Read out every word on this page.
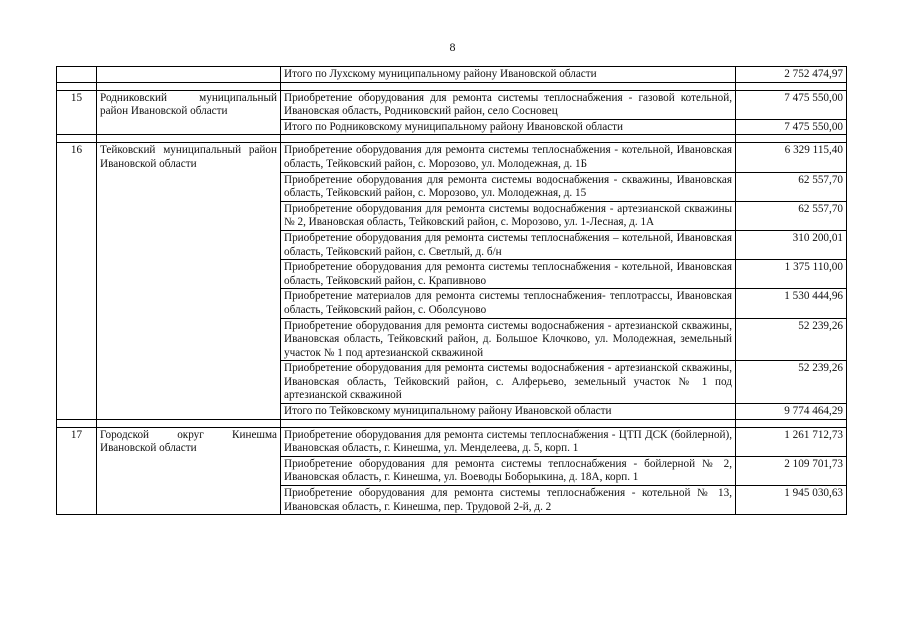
8
		Итого по Лухскому муниципальному району Ивановской области	2 752 474,97

15	Родниковский муниципальный район Ивановской области	Приобретение оборудования для ремонта системы теплоснабжения - газовой котельной, Ивановская область, Родниковский район, село Сосновец	7 475 550,00
		Итого по Родниковскому муниципальному району Ивановской области	7 475 550,00

16	Тейковский муниципальный район Ивановской области	Приобретение оборудования для ремонта системы теплоснабжения - котельной, Ивановская область, Тейковский район, с. Морозово, ул. Молодежная, д. 1Б	6 329 115,40
		Приобретение оборудования для ремонта системы водоснабжения - скважины, Ивановская область, Тейковский район, с. Морозово, ул. Молодежная, д. 15	62 557,70
		Приобретение оборудования для ремонта системы водоснабжения - артезианской скважины № 2, Ивановская область, Тейковский район, с. Морозово, ул. 1-Лесная, д. 1А	62 557,70
		Приобретение оборудования для ремонта системы теплоснабжения – котельной, Ивановская область, Тейковский район, с. Светлый, д. б/н	310 200,01
		Приобретение оборудования для ремонта системы теплоснабжения - котельной, Ивановская область, Тейковский район, с. Крапивново	1 375 110,00
		Приобретение материалов для ремонта системы теплоснабжения- теплотрассы, Ивановская область, Тейковский район, с. Оболсуново	1 530 444,96
		Приобретение оборудования для ремонта системы водоснабжения - артезианской скважины, Ивановская область, Тейковский район, д. Большое Клочково, ул. Молодежная, земельный участок № 1 под артезианской скважиной	52 239,26
		Приобретение оборудования для ремонта системы водоснабжения - артезианской скважины, Ивановская область, Тейковский район, с. Алферьево, земельный участок № 1 под артезианской скважиной	52 239,26
		Итого по Тейковскому муниципальному району Ивановской области	9 774 464,29

17	Городской округ Кинешма Ивановской области	Приобретение оборудования для ремонта системы теплоснабжения - ЦТП ДСК (бойлерной), Ивановская область, г. Кинешма, ул. Менделеева, д. 5, корп. 1	1 261 712,73
		Приобретение оборудования для ремонта системы теплоснабжения - бойлерной № 2, Ивановская область, г. Кинешма, ул. Воеводы Боборыкина, д. 18А, корп. 1	2 109 701,73
		Приобретение оборудования для ремонта системы теплоснабжения - котельной № 13, Ивановская область, г. Кинешма, пер. Трудовой 2-й, д. 2	1 945 030,63
